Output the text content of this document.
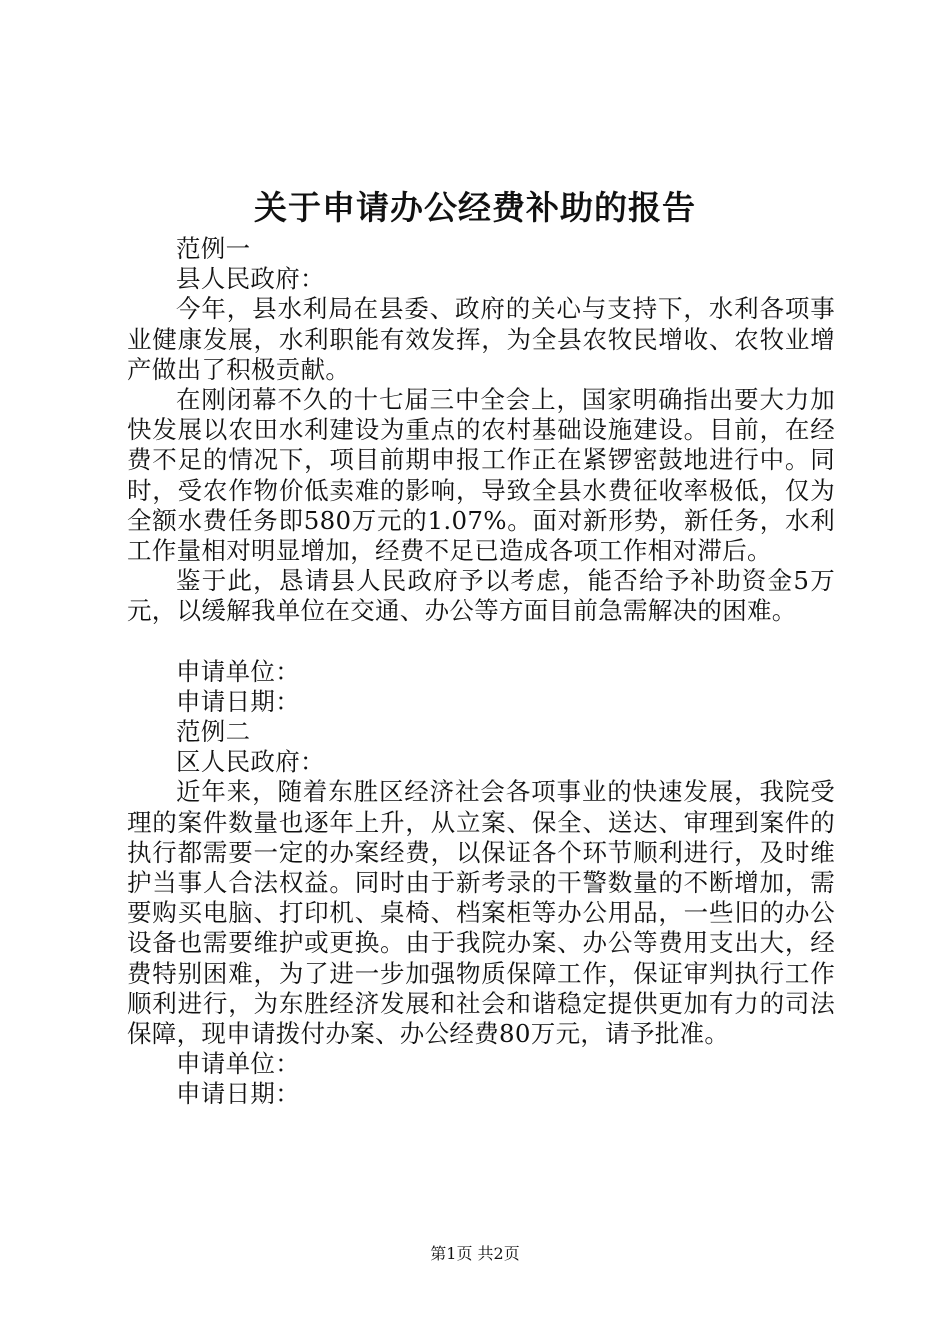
关于申请办公经费补助的报告

范例一

县人民政府：

今年，县水利局在县委、政府的关心与支持下，水利各项事业健康发展，水利职能有效发挥，为全县农牧民增收、农牧业增产做出了积极贡献。

在刚闭幕不久的十七届三中全会上，国家明确指出要大力加快发展以农田水利建设为重点的农村基础设施建设。目前，在经费不足的情况下，项目前期申报工作正在紧锣密鼓地进行中。同时，受农作物价低卖难的影响，导致全县水费征收率极低，仅为全额水费任务即580万元的1.07%。面对新形势，新任务，水利工作量相对明显增加，经费不足已造成各项工作相对滞后。

鉴于此，恳请县人民政府予以考虑，能否给予补助资金5万元，以缓解我单位在交通、办公等方面目前急需解决的困难。

申请单位：

申请日期：

范例二

区人民政府：

近年来，随着东胜区经济社会各项事业的快速发展，我院受理的案件数量也逐年上升，从立案、保全、送达、审理到案件的执行都需要一定的办案经费，以保证各个环节顺利进行，及时维护当事人合法权益。同时由于新考录的干警数量的不断增加，需要购买电脑、打印机、桌椅、档案柜等办公用品，一些旧的办公设备也需要维护或更换。由于我院办案、办公等费用支出大，经费特别困难，为了进一步加强物质保障工作，保证审判执行工作顺利进行，为东胜经济发展和社会和谐稳定提供更加有力的司法保障，现申请拨付办案、办公经费80万元，请予批准。

申请单位：

申请日期：

第1页 共2页
